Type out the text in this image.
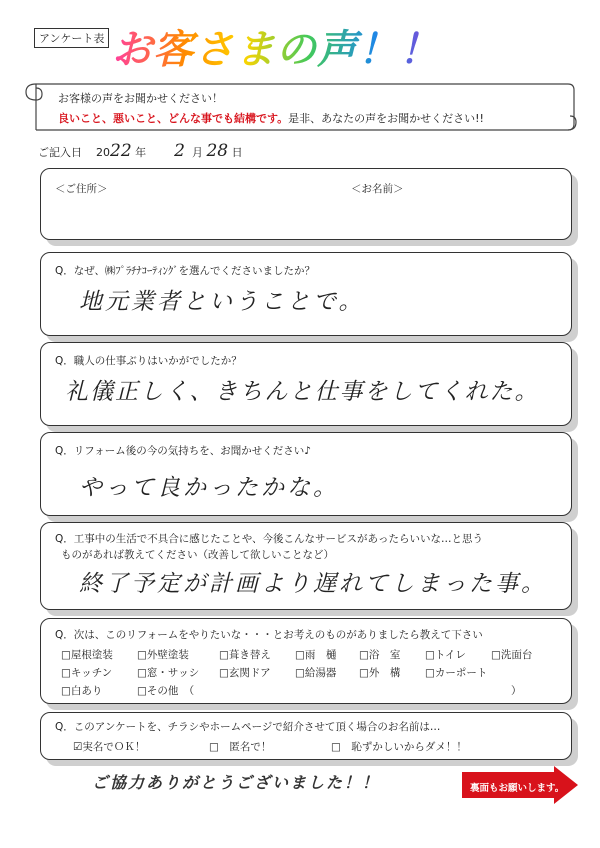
アンケート表 お客さまの声！！
お客様の声をお聞かせください！
良いこと、悪いこと、どんな事でも結構です。是非、あなたの声をお聞かせください!!
ご記入日 2022 年 2 月 28 日
＜ご住所＞	＜お名前＞
Q．なぜ、㈱ﾌﾟﾗﾁﾅｺｰﾃｨﾝｸﾞを選んでくださいましたか？
地元業者ということで。
Q．職人の仕事ぶりはいかがでしたか？
礼儀正しく、きちんと仕事をしてくれた。
Q．リフォーム後の今の気持ちを、お聞かせください♪
やって良かったかな。
Q．工事中の生活で不具合に感じたことや、今後こんなサービスがあったらいいな…と思う
ものがあれば教えてください（改善して欲しいことなど）
終了予定が計画より遅れてしまった事。
Q．次は、このリフォームをやりたいな・・・とお考えのものがありましたら教えて下さい
□屋根塗装 □外壁塗装	□葺き替え □雨　樋 □浴　室 □トイレ □洗面台
□キッチン □窓・サッシ □玄関ドア □給湯器 □外　構 □カーポート
□白あり	□その他　（	）
Q．このアンケートを、チラシやホームページで紹介させて頂く場合のお名前は…
☑実名でＯＫ！	□　匿名で！	□　恥ずかしいからダメ！！
ご協力ありがとうございました！！	裏面もお願いします。
